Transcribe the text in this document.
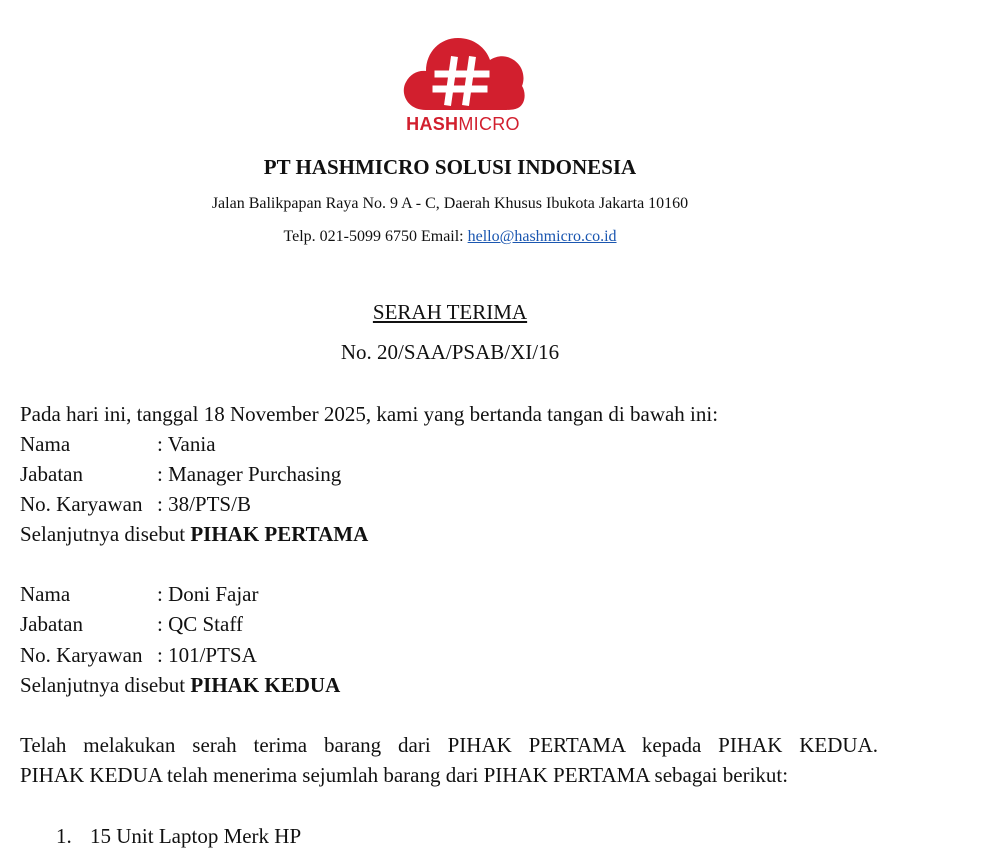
HASHMICRO
PT HASHMICRO SOLUSI INDONESIA
Jalan Balikpapan Raya No. 9 A - C, Daerah Khusus Ibukota Jakarta 10160
Telp. 021-5099 6750 Email: hello@hashmicro.co.id
SERAH TERIMA
No. 20/SAA/PSAB/XI/16
Pada hari ini, tanggal 18 November 2025, kami yang bertanda tangan di bawah ini:
Nama	: Vania
Jabatan	: Manager Purchasing
No. Karyawan : 38/PTS/B
Selanjutnya disebut PIHAK PERTAMA
Nama	: Doni Fajar
Jabatan	: QC Staff
No. Karyawan : 101/PTSA
Selanjutnya disebut PIHAK KEDUA
Telah melakukan serah terima barang dari PIHAK PERTAMA kepada PIHAK KEDUA.
PIHAK KEDUA telah menerima sejumlah barang dari PIHAK PERTAMA sebagai berikut:
1. 15 Unit Laptop Merk HP
